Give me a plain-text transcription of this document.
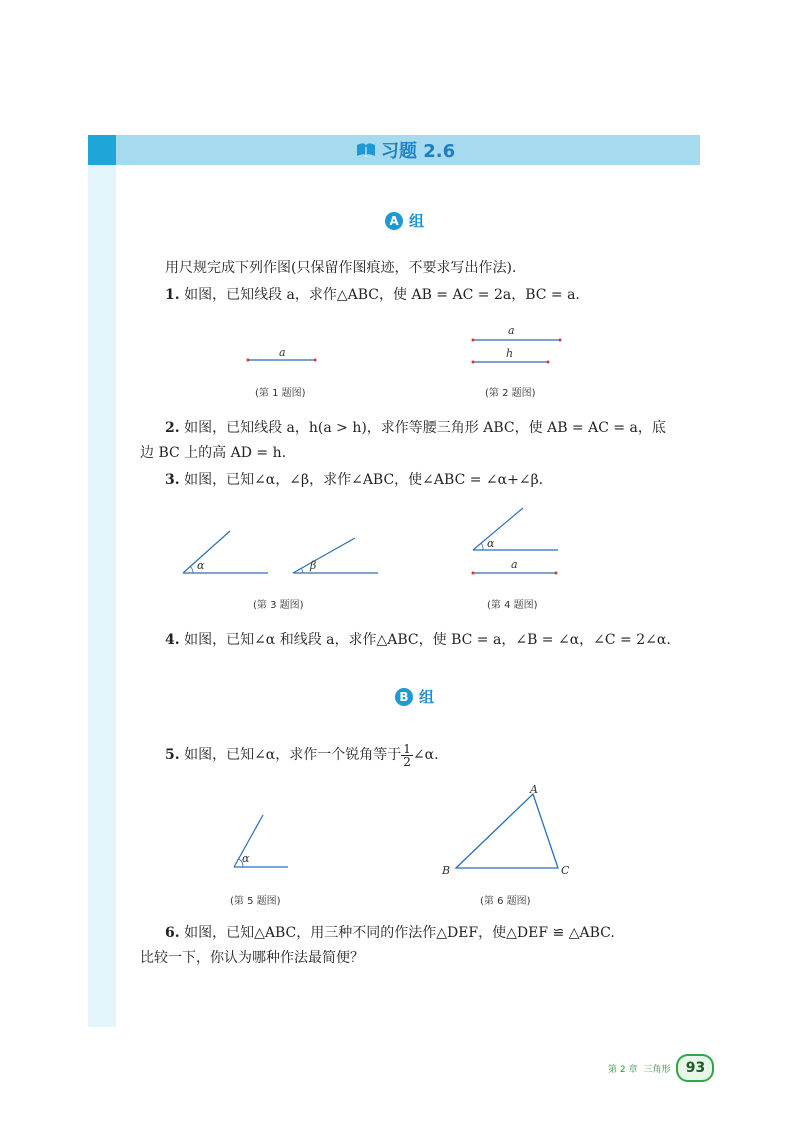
习题 2.6
A 组
用尺规完成下列作图(只保留作图痕迹，不要求写出作法).
1. 如图，已知线段 a，求作△ABC，使 AB = AC = 2a，BC = a.
a
(第 1 题图)
a
h
(第 2 题图)
2. 如图，已知线段 a，h(a > h)，求作等腰三角形 ABC，使 AB = AC = a，底
边 BC 上的高 AD = h.
3. 如图，已知∠α，∠β，求作∠ABC，使∠ABC = ∠α+∠β.
α	β
(第 3 题图)
α
a
(第 4 题图)
4. 如图，已知∠α 和线段 a，求作△ABC，使 BC = a，∠B = ∠α，∠C = 2∠α.
B 组
5. 如图，已知∠α，求作一个锐角等于 $\frac{1}{2}$ ∠α.
α
(第 5 题图)
A
B	C
(第 6 题图)
6. 如图，已知△ABC，用三种不同的作法作△DEF，使△DEF ≌ △ABC.
比较一下，你认为哪种作法最简便？
第 2 章 三角形	93
